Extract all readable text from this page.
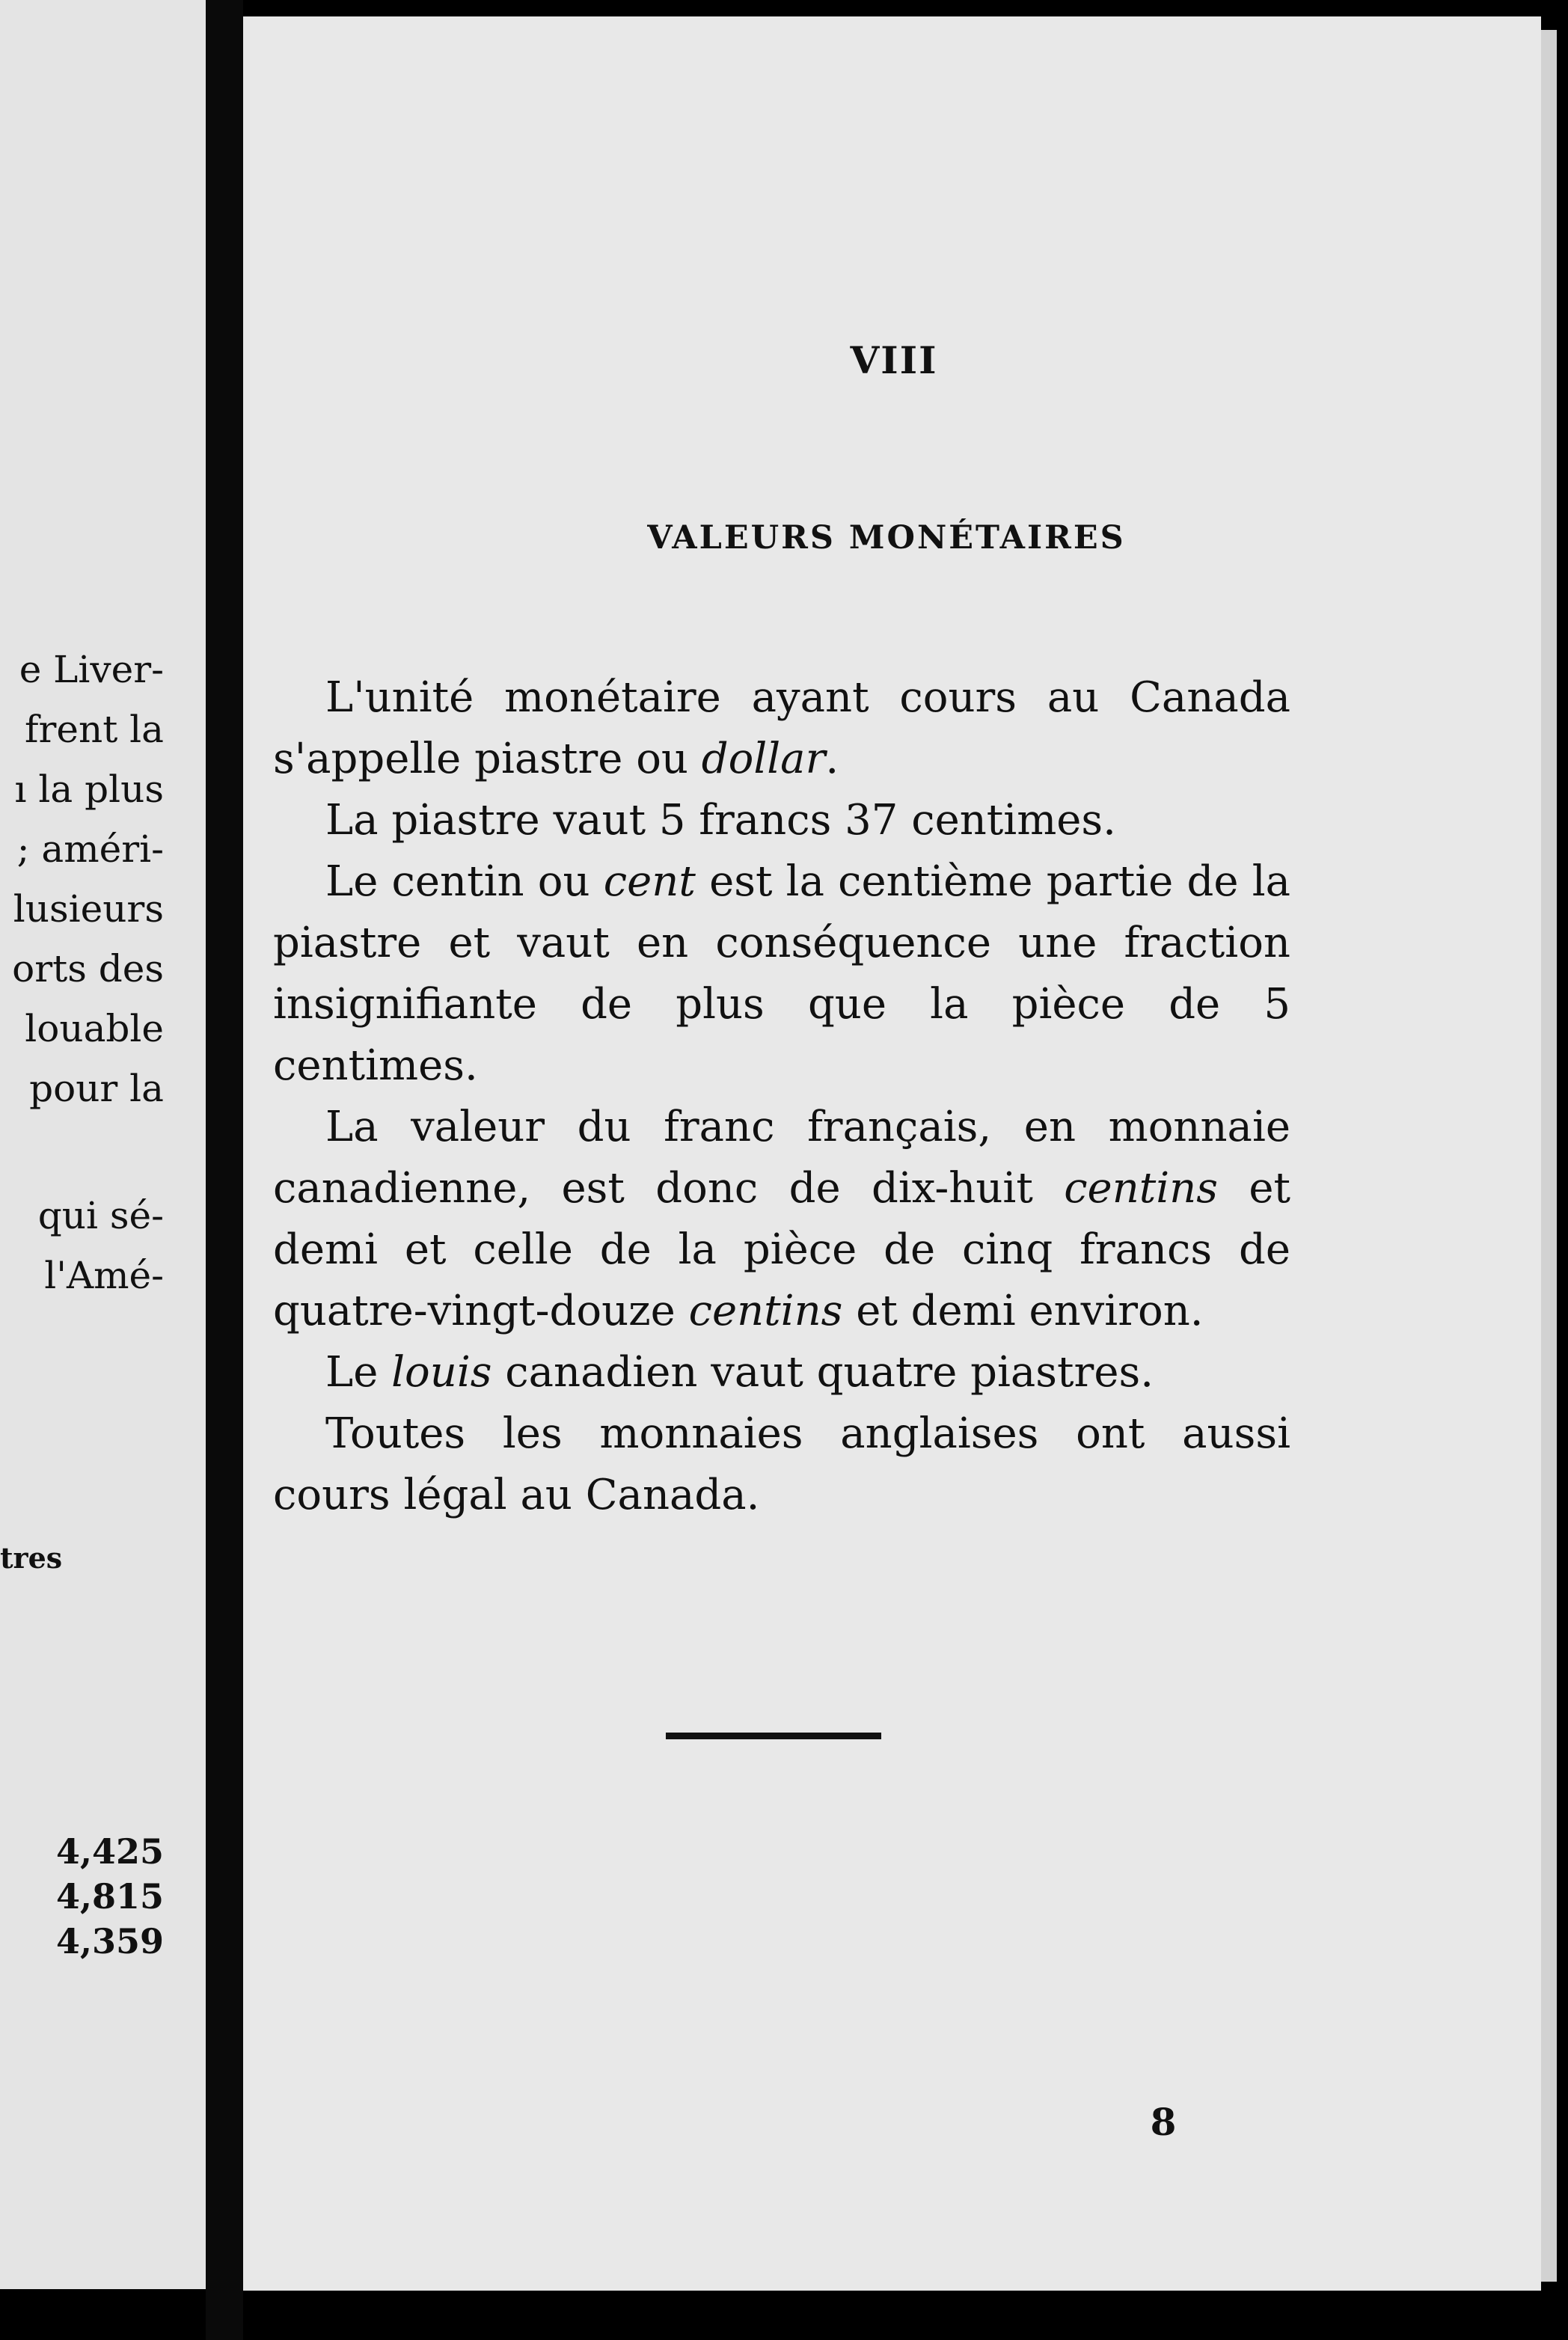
e Liver-
frent la
ı la plus
; améri-
lusieurs
orts des
louable
pour la
qui sé-
l'Amé-
tres
4,425
4,815
4,359
VIII
VALEURS MONÉTAIRES

L'unité monétaire ayant cours au Canada s'appelle piastre ou dollar.

La piastre vaut 5 francs 37 centimes.

Le centin ou cent est la centième partie de la piastre et vaut en conséquence une fraction insignifiante de plus que la pièce de 5 centimes.

La valeur du franc français, en monnaie canadienne, est donc de dix-huit centins et demi et celle de la pièce de cinq francs de quatre-vingt-douze centins et demi environ.

Le louis canadien vaut quatre piastres.

Toutes les monnaies anglaises ont aussi cours légal au Canada.

8
